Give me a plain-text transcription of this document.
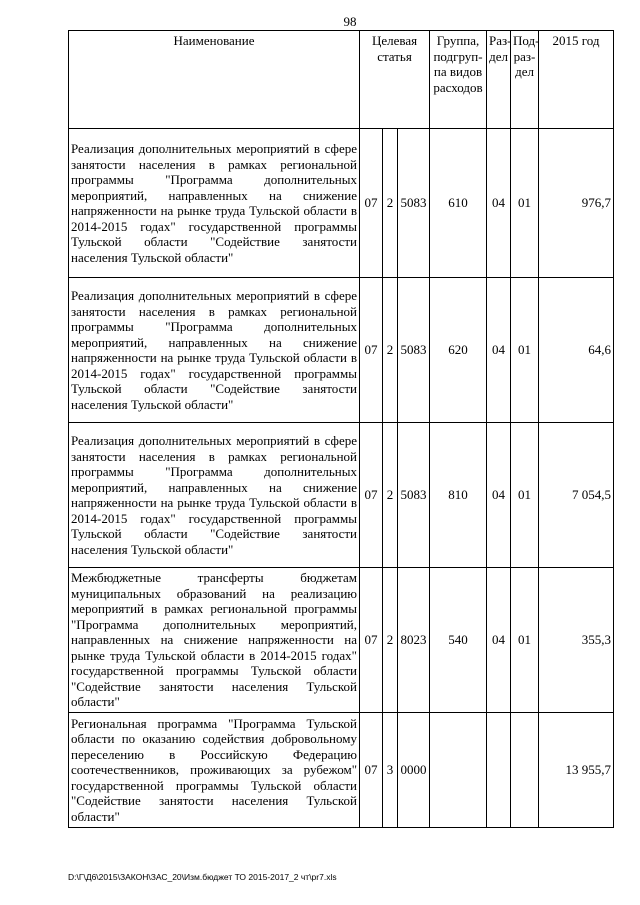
98
Наименование	Целевая статья			Группа, подгруп-па видов расходов	Раз-дел	Под-раз-дел	2015 год
Реализация дополнительных мероприятий в сфере занятости населения в рамках региональной программы "Программа дополнительных мероприятий, направленных на снижение напряженности на рынке труда Тульской области в 2014-2015 годах" государственной программы Тульской области "Содействие занятости населения Тульской области"	07	2	5083	610	04	01	976,7
Реализация дополнительных мероприятий в сфере занятости населения в рамках региональной программы "Программа дополнительных мероприятий, направленных на снижение напряженности на рынке труда Тульской области в 2014-2015 годах" государственной программы Тульской области "Содействие занятости населения Тульской области"	07	2	5083	620	04	01	64,6
Реализация дополнительных мероприятий в сфере занятости населения в рамках региональной программы "Программа дополнительных мероприятий, направленных на снижение напряженности на рынке труда Тульской области в 2014-2015 годах" государственной программы Тульской области "Содействие занятости населения Тульской области"	07	2	5083	810	04	01	7 054,5
Межбюджетные трансферты бюджетам муниципальных образований на реализацию мероприятий в рамках региональной программы "Программа дополнительных мероприятий, направленных на снижение напряженности на рынке труда Тульской области в 2014-2015 годах" государственной программы Тульской области "Содействие занятости населения Тульской области"	07	2	8023	540	04	01	355,3
Региональная программа "Программа Тульской области по оказанию содействия добровольному переселению в Российскую Федерацию соотечественников, проживающих за рубежом" государственной программы Тульской области "Содействие занятости населения Тульской области"	07	3	0000				13 955,7
D:\Г\Д6\2015\ЗАКОН\ЗАС_20\Изм.бюджет ТО 2015-2017_2 чт\pr7.xls
